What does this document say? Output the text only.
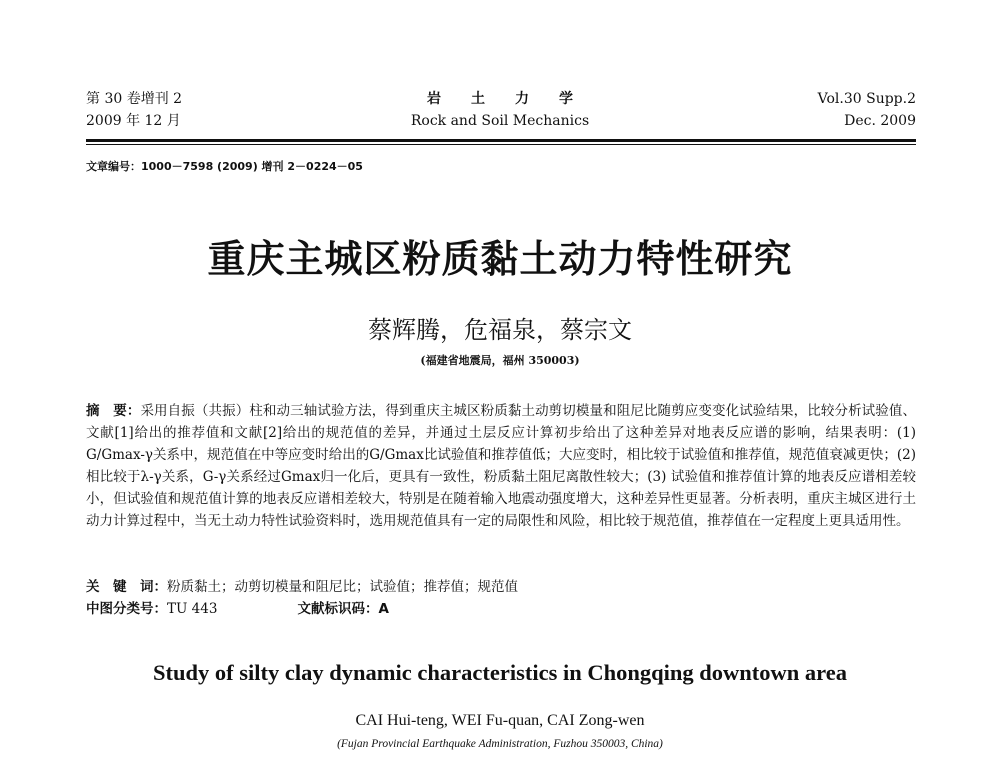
第 30 卷增刊 2
2009 年 12 月
岩土力学
Rock and Soil Mechanics
Vol.30 Supp.2
Dec. 2009
文章编号：1000－7598 (2009) 增刊 2－0224－05
重庆主城区粉质黏土动力特性研究
蔡辉腾，危福泉，蔡宗文
(福建省地震局，福州 350003)
摘　要：采用自振（共振）柱和动三轴试验方法，得到重庆主城区粉质黏土动剪切模量和阻尼比随剪应变变化试验结果，比较分析试验值、文献[1]给出的推荐值和文献[2]给出的规范值的差异，并通过土层反应计算初步给出了这种差异对地表反应谱的影响，结果表明：(1) G/Gmax-γ关系中，规范值在中等应变时给出的G/Gmax比试验值和推荐值低；大应变时，相比较于试验值和推荐值，规范值衰减更快；(2) 相比较于λ-γ关系，G-γ关系经过Gmax归一化后，更具有一致性，粉质黏土阻尼离散性较大；(3) 试验值和推荐值计算的地表反应谱相差较小，但试验值和规范值计算的地表反应谱相差较大，特别是在随着输入地震动强度增大，这种差异性更显著。分析表明，重庆主城区进行土动力计算过程中，当无土动力特性试验资料时，选用规范值具有一定的局限性和风险，相比较于规范值，推荐值在一定程度上更具适用性。
关　键　词：粉质黏土；动剪切模量和阻尼比；试验值；推荐值；规范值
中图分类号：TU 443	文献标识码：A
Study of silty clay dynamic characteristics in Chongqing downtown area
CAI Hui-teng, WEI Fu-quan, CAI Zong-wen
(Fujan Provincial Earthquake Administration, Fuzhou 350003, China)
